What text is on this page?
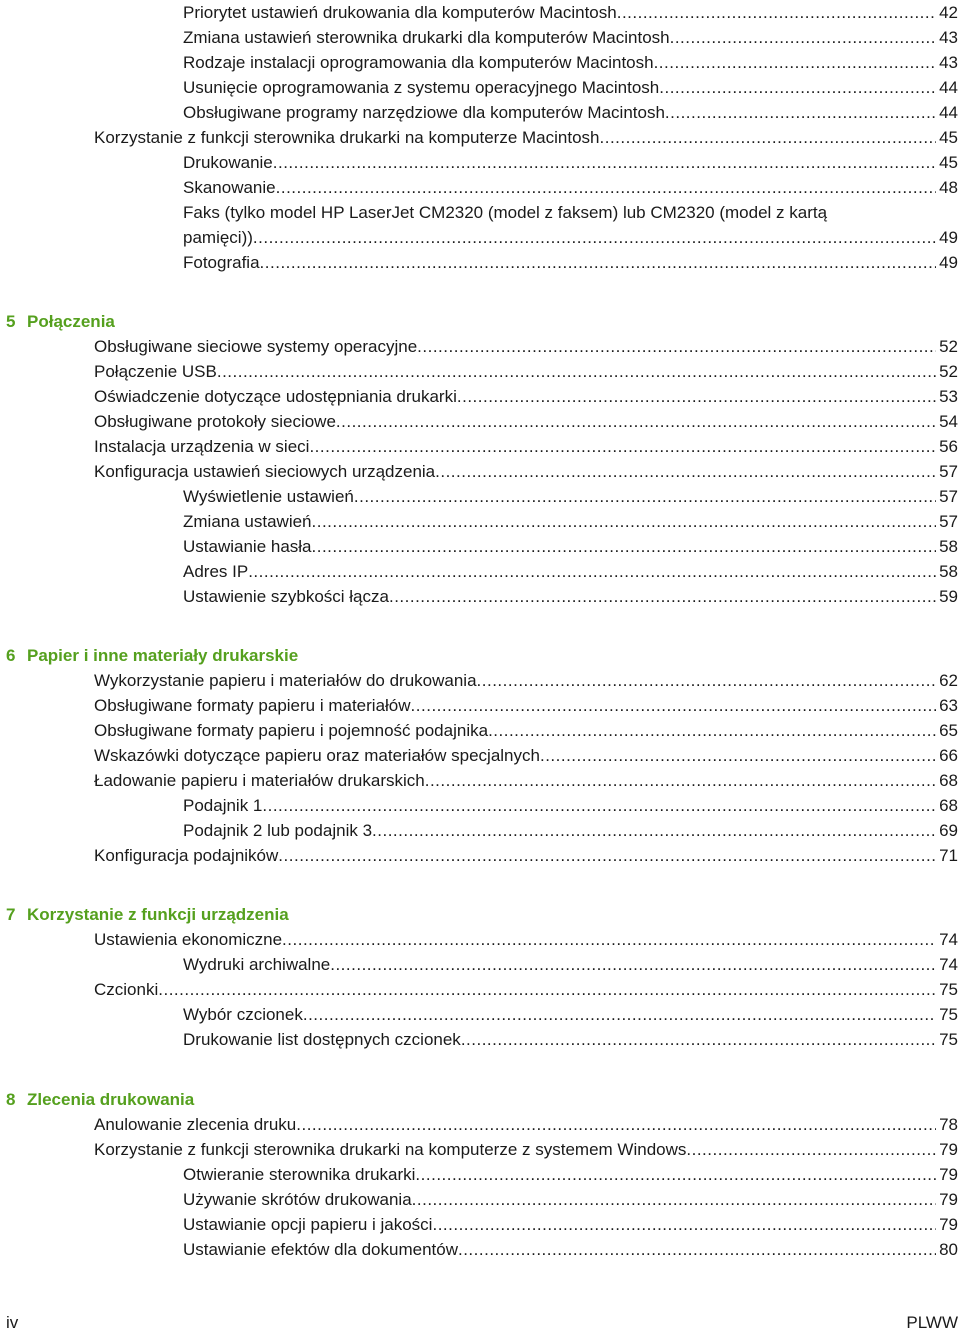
Priorytet ustawień drukowania dla komputerów Macintosh .....	42
Zmiana ustawień sterownika drukarki dla komputerów Macintosh .....	43
Rodzaje instalacji oprogramowania dla komputerów Macintosh .....	43
Usunięcie oprogramowania z systemu operacyjnego Macintosh .....	44
Obsługiwane programy narzędziowe dla komputerów Macintosh .....	44
Korzystanie z funkcji sterownika drukarki na komputerze Macintosh .....	45
Drukowanie .....	45
Skanowanie .....	48
Faks (tylko model HP LaserJet CM2320 (model z faksem) lub CM2320 (model z kartą
pamięci)) .....	49
Fotografia .....	49
5 Połączenia
Obsługiwane sieciowe systemy operacyjne .....	52
Połączenie USB .....	52
Oświadczenie dotyczące udostępniania drukarki .....	53
Obsługiwane protokoły sieciowe .....	54
Instalacja urządzenia w sieci .....	56
Konfiguracja ustawień sieciowych urządzenia .....	57
Wyświetlenie ustawień .....	57
Zmiana ustawień .....	57
Ustawianie hasła .....	58
Adres IP .....	58
Ustawienie szybkości łącza .....	59
6 Papier i inne materiały drukarskie
Wykorzystanie papieru i materiałów do drukowania .....	62
Obsługiwane formaty papieru i materiałów .....	63
Obsługiwane formaty papieru i pojemność podajnika .....	65
Wskazówki dotyczące papieru oraz materiałów specjalnych .....	66
Ładowanie papieru i materiałów drukarskich .....	68
Podajnik 1 .....	68
Podajnik 2 lub podajnik 3 .....	69
Konfiguracja podajników .....	71
7 Korzystanie z funkcji urządzenia
Ustawienia ekonomiczne .....	74
Wydruki archiwalne .....	74
Czcionki .....	75
Wybór czcionek .....	75
Drukowanie list dostępnych czcionek .....	75
8 Zlecenia drukowania
Anulowanie zlecenia druku .....	78
Korzystanie z funkcji sterownika drukarki na komputerze z systemem Windows .....	79
Otwieranie sterownika drukarki .....	79
Używanie skrótów drukowania .....	79
Ustawianie opcji papieru i jakości .....	79
Ustawianie efektów dla dokumentów .....	80
iv	PLWW
